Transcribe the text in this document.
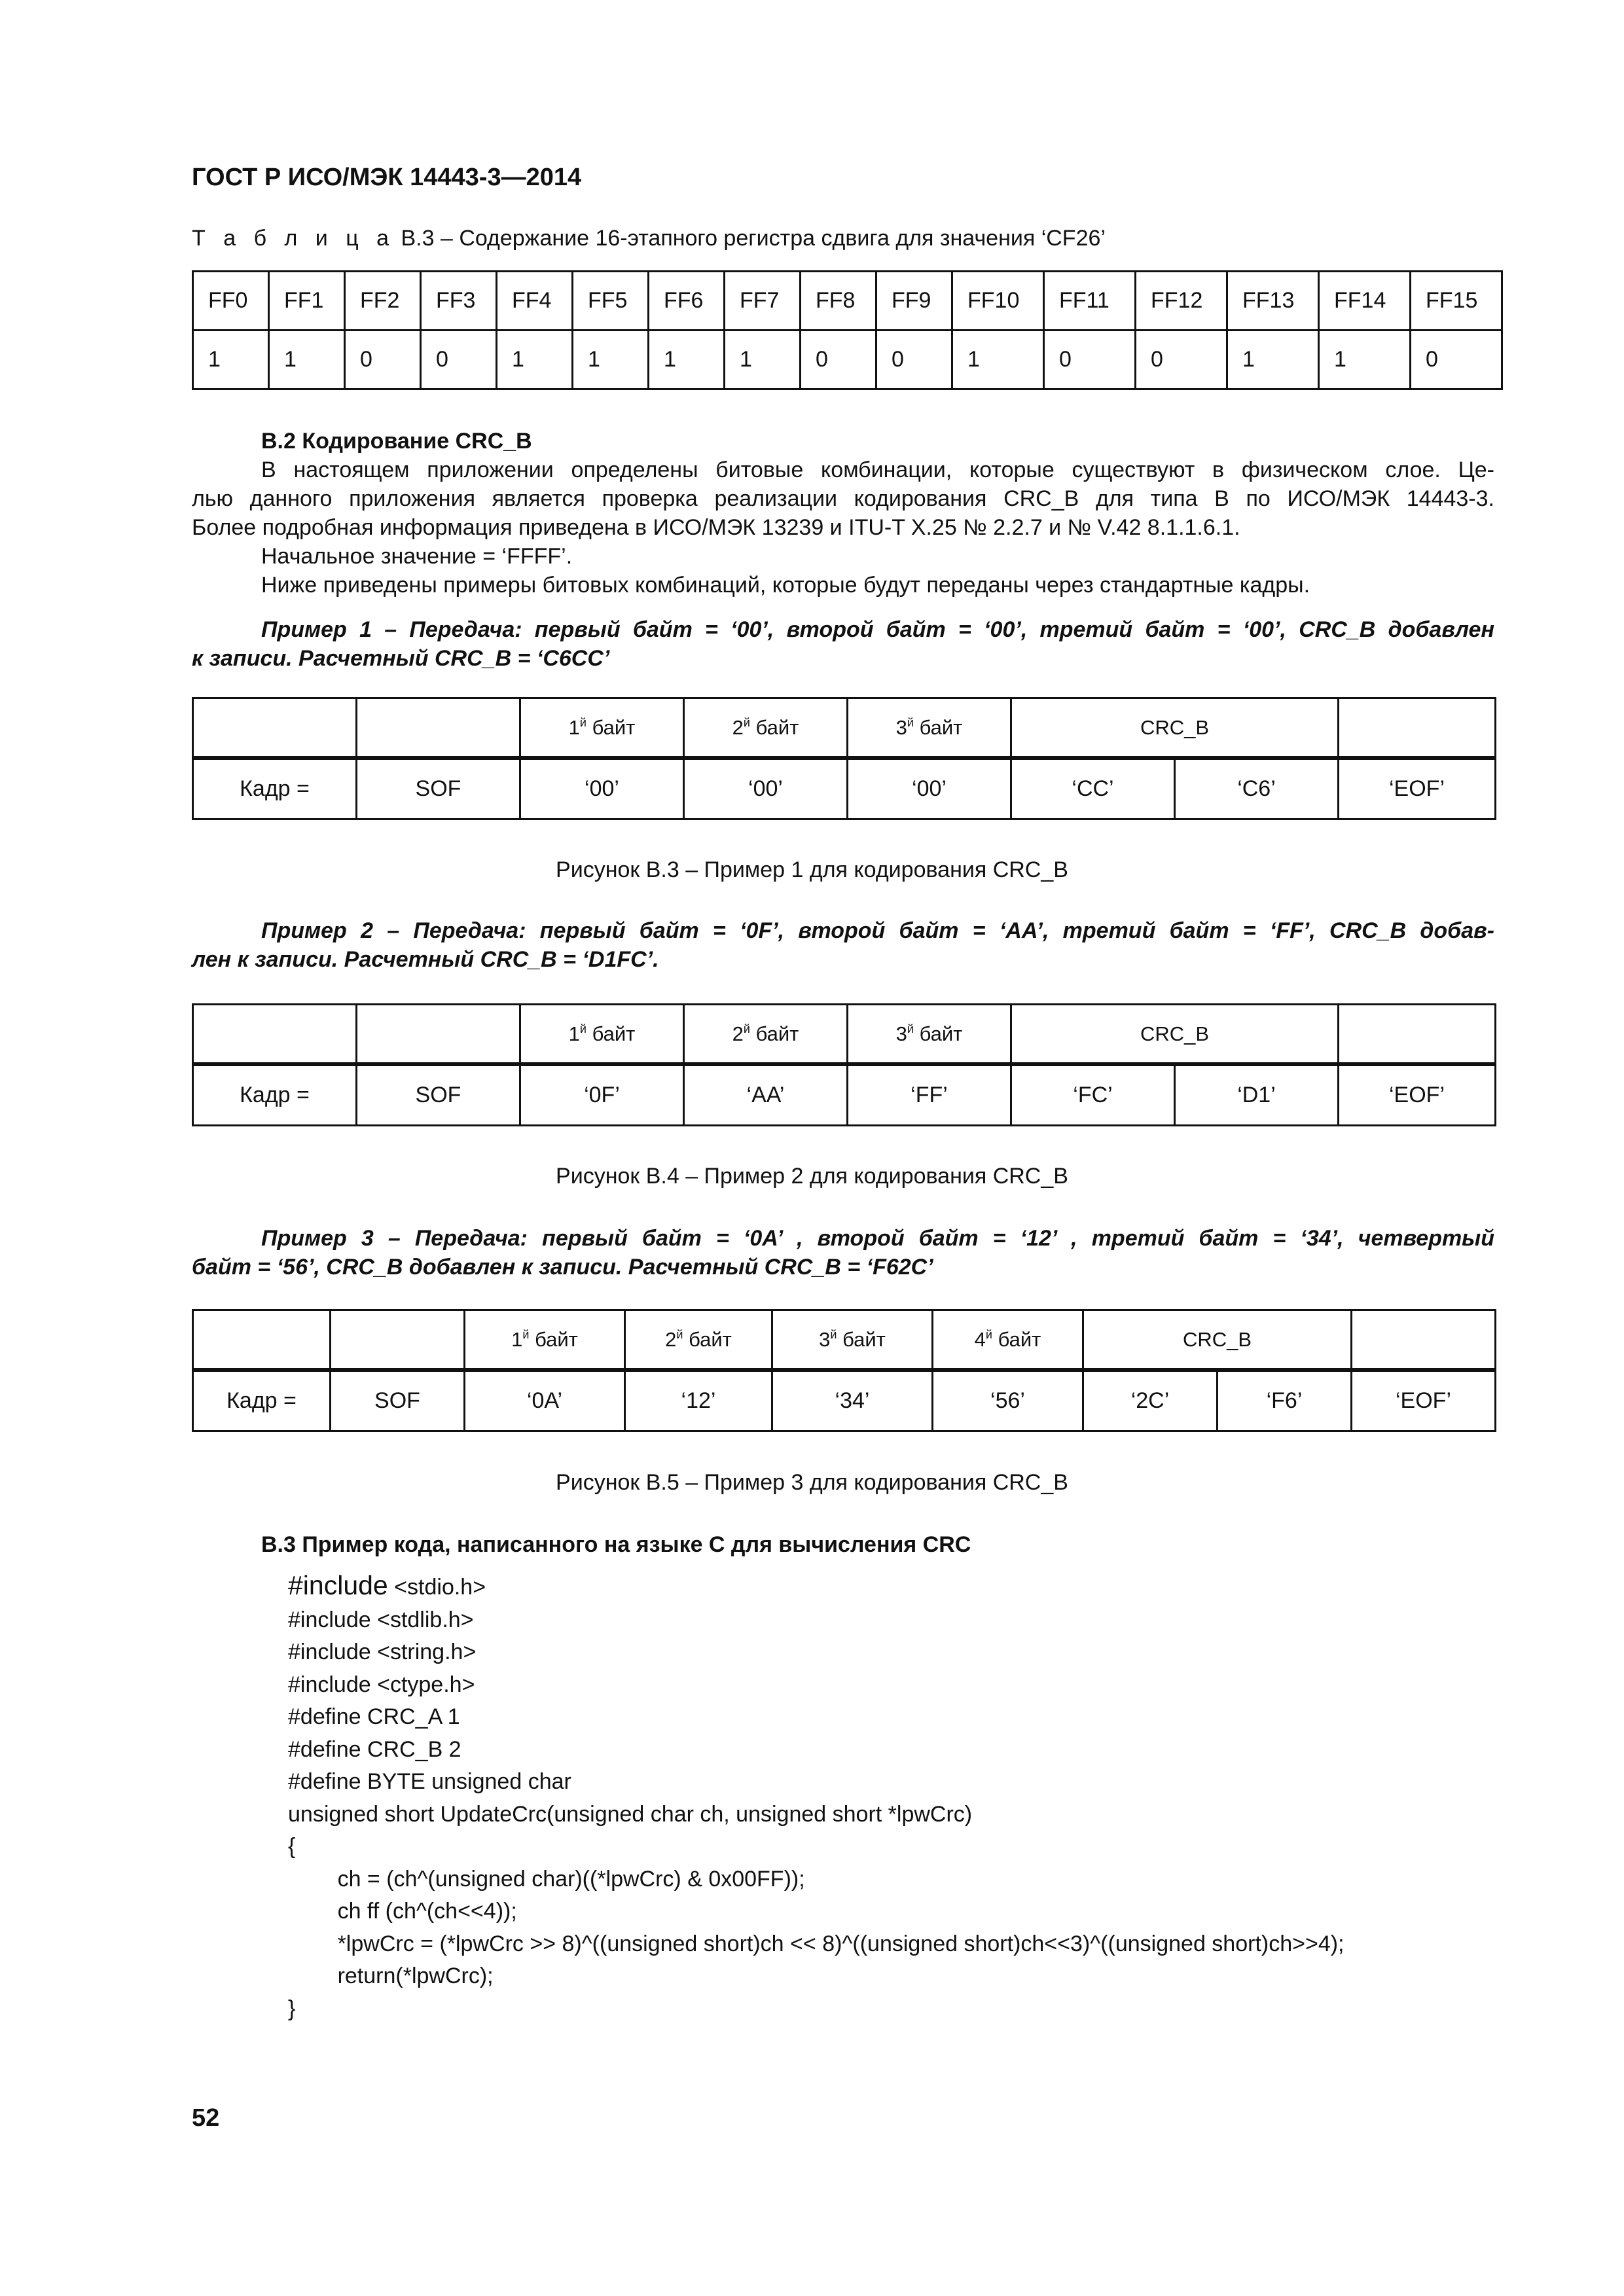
ГОСТ Р ИСО/МЭК 14443-3—2014
Т а б л и ц а В.3 – Содержание 16-этапного регистра сдвига для значения ‘CF26’
FF0	FF1	FF2	FF3	FF4	FF5	FF6	FF7	FF8	FF9	FF10	FF11	FF12	FF13	FF14	FF15
1	1	0	0	1	1	1	1	0	0	1	0	0	1	1	0
В.2 Кодирование CRC_B
В настоящем приложении определены битовые комбинации, которые существуют в физическом слое. Це-
лью данного приложения является проверка реализации кодирования CRC_B для типа B по ИСО/МЭК 14443-3.
Более подробная информация приведена в ИСО/МЭК 13239 и ITU-T X.25 № 2.2.7 и № V.42 8.1.1.6.1.
Начальное значение = ‘FFFF’.
Ниже приведены примеры битовых комбинаций, которые будут переданы через стандартные кадры.
Пример 1 – Передача: первый байт = ‘00’, второй байт = ‘00’, третий байт = ‘00’, CRC_B добавлен
к записи. Расчетный CRC_B = ‘C6CC’
		$1^й$ байт	$2^й$ байт	$3^й$ байт	CRC_B		
Кадр =	SOF	‘00’	‘00’	‘00’	‘CC’	‘C6’	‘EOF’
Рисунок В.3 – Пример 1 для кодирования CRC_B
Пример 2 – Передача: первый байт = ‘0F’, второй байт = ‘AA’, третий байт = ‘FF’, CRC_B добав-
лен к записи. Расчетный CRC_B = ‘D1FC’.
		$1^й$ байт	$2^й$ байт	$3^й$ байт	CRC_B		
Кадр =	SOF	‘0F’	‘AA’	‘FF’	‘FC’	‘D1’	‘EOF’
Рисунок В.4 – Пример 2 для кодирования CRC_B
Пример 3 – Передача: первый байт = ‘0A’ , второй байт = ‘12’ , третий байт = ‘34’, четвертый
байт = ‘56’, CRC_B добавлен к записи. Расчетный CRC_B = ‘F62C’
		$1^й$ байт	$2^й$ байт	$3^й$ байт	$4^й$ байт	CRC_B		
Кадр =	SOF	‘0A’	‘12’	‘34’	‘56’	‘2C’	‘F6’	‘EOF’
Рисунок В.5 – Пример 3 для кодирования CRC_B
В.3 Пример кода, написанного на языке С для вычисления CRC
#include <stdio.h>
#include <stdlib.h>
#include <string.h>
#include <ctype.h>
#define CRC_A 1
#define CRC_B 2
#define BYTE unsigned char
unsigned short UpdateCrc(unsigned char ch, unsigned short *lpwCrc)
{
ch = (ch^(unsigned char)((*lpwCrc) & 0x00FF));
ch ff (ch^(ch<<4));
*lpwCrc = (*lpwCrc >> 8)^((unsigned short)ch << 8)^((unsigned short)ch<<3)^((unsigned short)ch>>4);
return(*lpwCrc);
}
52
